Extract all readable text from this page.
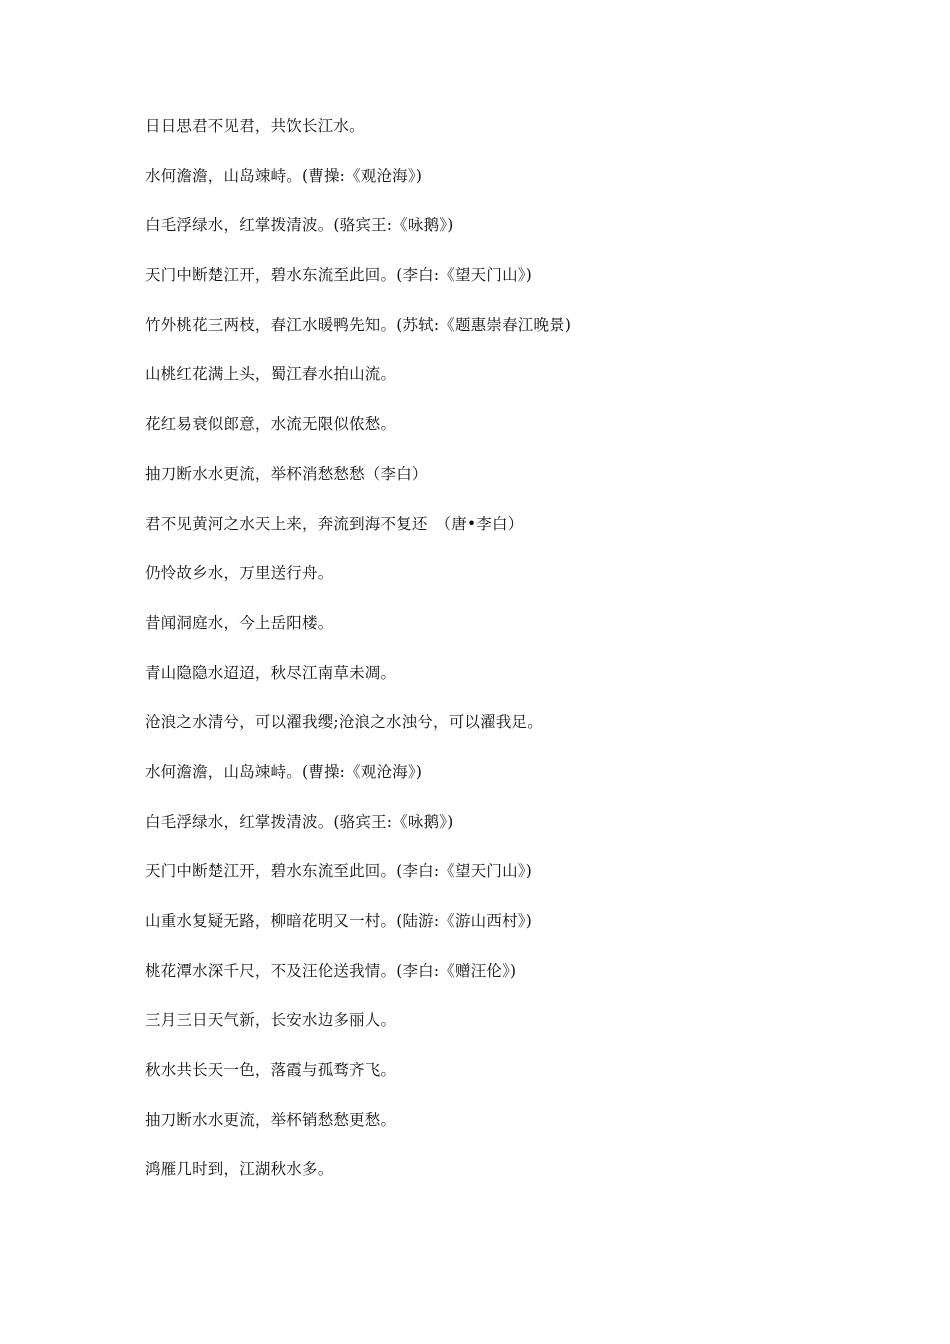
日日思君不见君，共饮长江水。
水何澹澹，山岛竦峙。(曹操:《观沧海》)
白毛浮绿水，红掌拨清波。(骆宾王:《咏鹅》)
天门中断楚江开，碧水东流至此回。(李白:《望天门山》)
竹外桃花三两枝，春江水暖鸭先知。(苏轼:《题惠崇春江晚景)
山桃红花满上头，蜀江春水拍山流。
花红易衰似郎意，水流无限似侬愁。
抽刀断水水更流，举杯消愁愁愁（李白）
君不见黄河之水天上来，奔流到海不复还　（唐•李白）
仍怜故乡水，万里送行舟。
昔闻洞庭水，今上岳阳楼。
青山隐隐水迢迢，秋尽江南草未凋。
沧浪之水清兮，可以濯我缨;沧浪之水浊兮，可以濯我足。
水何澹澹，山岛竦峙。(曹操:《观沧海》)
白毛浮绿水，红掌拨清波。(骆宾王:《咏鹅》)
天门中断楚江开，碧水东流至此回。(李白:《望天门山》)
山重水复疑无路，柳暗花明又一村。(陆游:《游山西村》)
桃花潭水深千尺，不及汪伦送我情。(李白:《赠汪伦》)
三月三日天气新，长安水边多丽人。
秋水共长天一色，落霞与孤骛齐飞。
抽刀断水水更流，举杯销愁愁更愁。
鸿雁几时到，江湖秋水多。
